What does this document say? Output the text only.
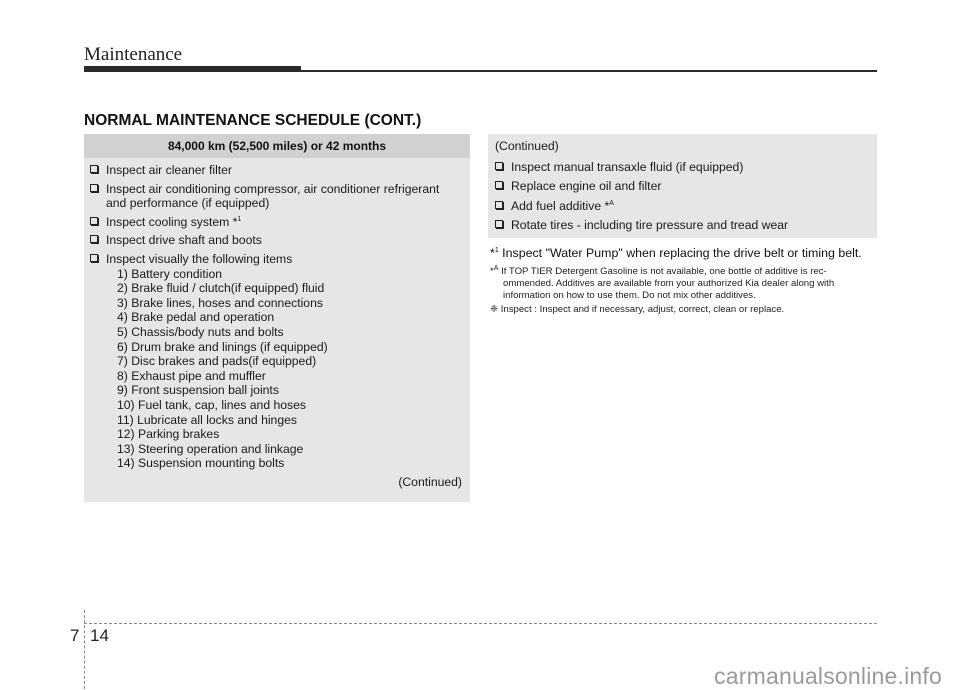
Maintenance
NORMAL MAINTENANCE SCHEDULE (CONT.)
84,000 km (52,500 miles) or 42 months
Inspect air cleaner filter
Inspect air conditioning compressor, air conditioner refrigerant and performance (if equipped)
Inspect cooling system *$^1$
Inspect drive shaft and boots
Inspect visually the following items
1) Battery condition
2) Brake fluid / clutch(if equipped) fluid
3) Brake lines, hoses and connections
4) Brake pedal and operation
5) Chassis/body nuts and bolts
6) Drum brake and linings (if equipped)
7) Disc brakes and pads(if equipped)
8) Exhaust pipe and muffler
9) Front suspension ball joints
10) Fuel tank, cap, lines and hoses
11) Lubricate all locks and hinges
12) Parking brakes
13) Steering operation and linkage
14) Suspension mounting bolts
(Continued)
(Continued)
Inspect manual transaxle fluid (if equipped)
Replace engine oil and filter
Add fuel additive *$^A$
Rotate tires - including tire pressure and tread wear
*$^1$ Inspect "Water Pump" when replacing the drive belt or timing belt.
*$^A$ If TOP TIER Detergent Gasoline is not available, one bottle of additive is rec-
ommended. Additives are available from your authorized Kia dealer along with information on how to use them. Do not mix other additives.
❈ Inspect : Inspect and if necessary, adjust, correct, clean or replace.
7 14
carmanualsonline.info
